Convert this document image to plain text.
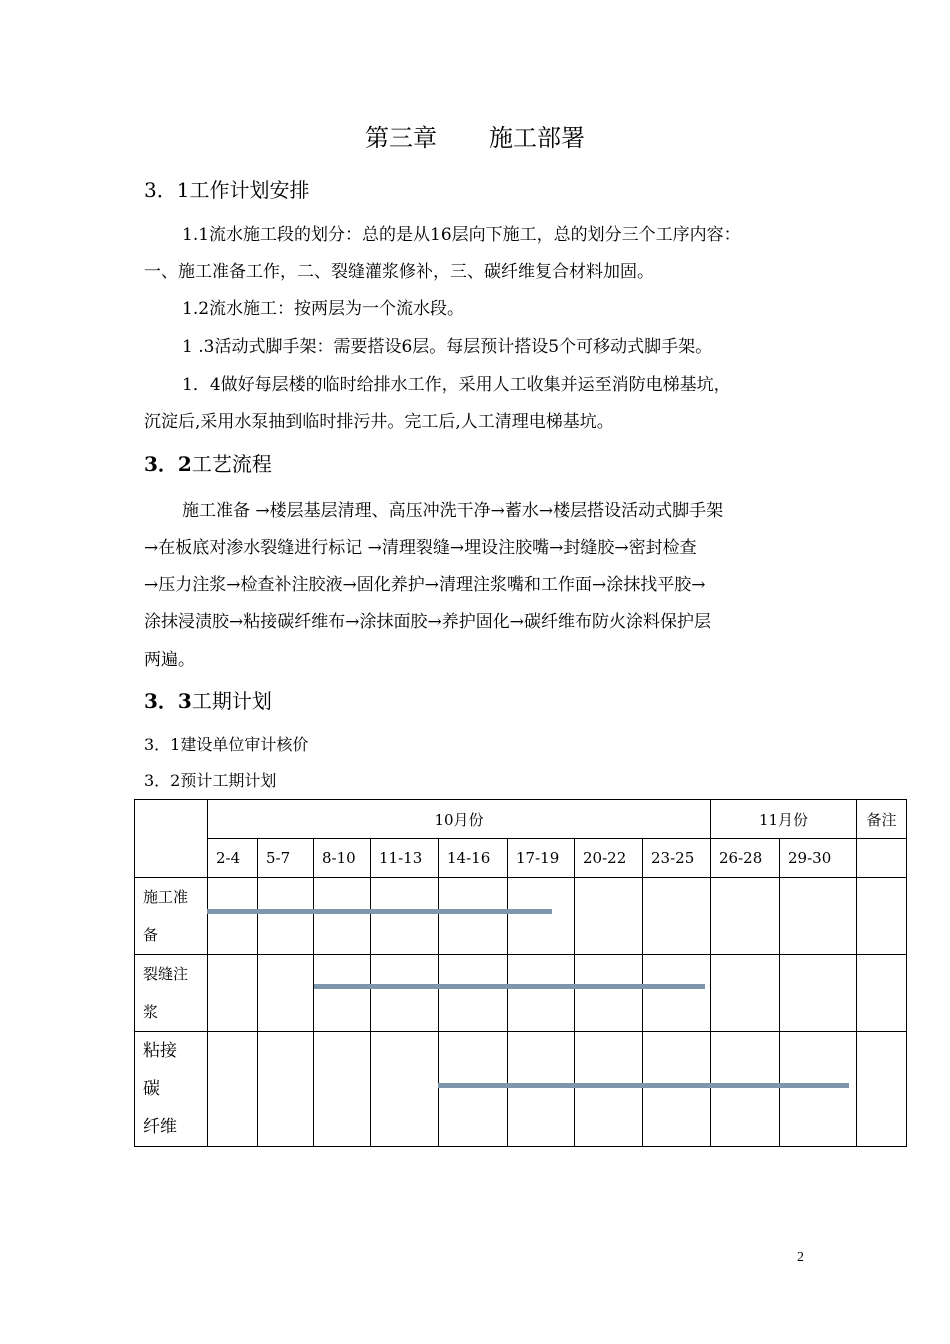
第三章 施工部署
3．1工作计划安排
1.1流水施工段的划分：总的是从16层向下施工，总的划分三个工序内容：
一、施工准备工作，二、裂缝灌浆修补，三、碳纤维复合材料加固。
1.2流水施工：按两层为一个流水段。
1 .3活动式脚手架：需要搭设6层。每层预计搭设5个可移动式脚手架。
1．4做好每层楼的临时给排水工作，采用人工收集并运至消防电梯基坑，
沉淀后,采用水泵抽到临时排污井。完工后,人工清理电梯基坑。
3．2工艺流程
施工准备 →楼层基层清理、高压冲洗干净→蓄水→楼层搭设活动式脚手架
→在板底对渗水裂缝进行标记 →清理裂缝→埋设注胶嘴→封缝胶→密封检查
→压力注浆→检查补注胶液→固化养护→清理注浆嘴和工作面→涂抹找平胶→
涂抹浸渍胶→粘接碳纤维布→涂抹面胶→养护固化→碳纤维布防火涂料保护层
两遍。
3．3工期计划
3．1建设单位审计核价
3．2预计工期计划
	10月份								11月份		备注
	2-4	5-7	8-10	11-13	14-16	17-19	20-22	23-25	26-28	29-30	

施工准
备											

裂缝注
浆											

粘接
碳
纤维											

2
